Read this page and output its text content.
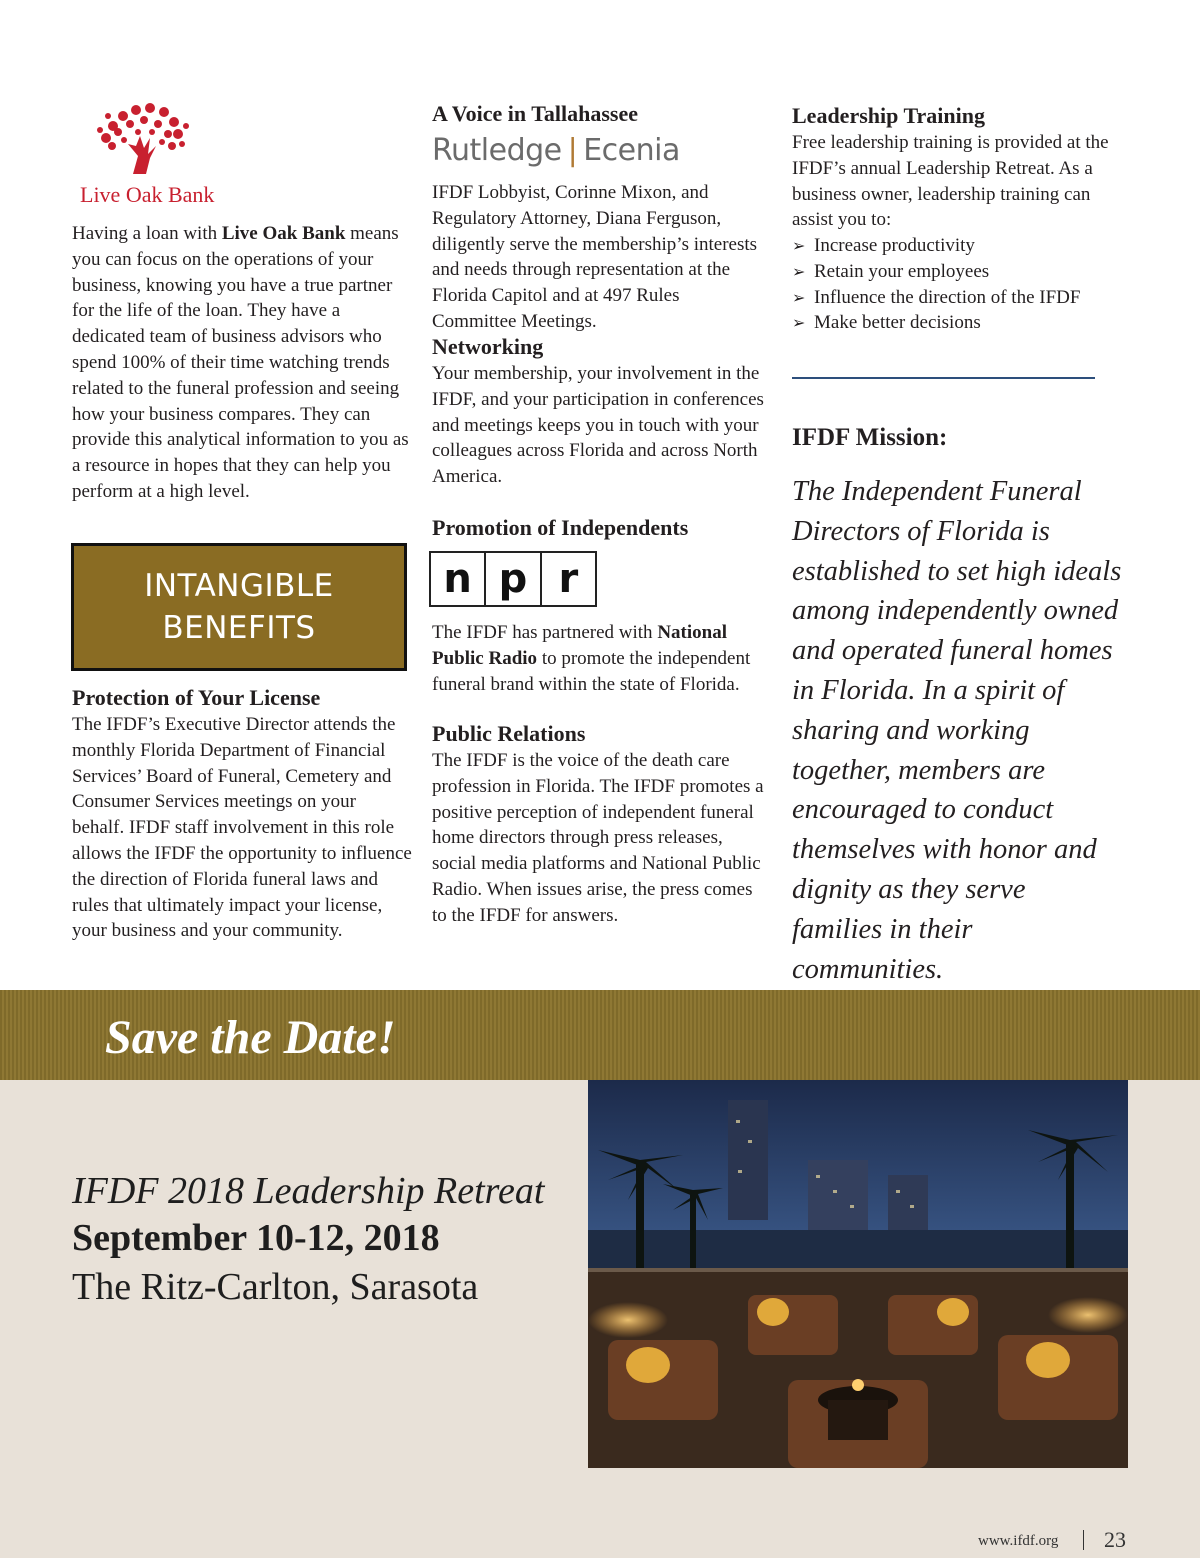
Live Oak Bank

Having a loan with Live Oak Bank means you can focus on the operations of your business, knowing you have a true partner for the life of the loan. They have a dedicated team of business advisors who spend 100% of their time watching trends related to the funeral profession and seeing how your business compares. They can provide this analytical information to you as a resource in hopes that they can help you perform at a high level.

INTANGIBLE
BENEFITS

Protection of Your License

The IFDF’s Executive Director attends the monthly Florida Department of Financial Services’ Board of Funeral, Cemetery and Consumer Services meetings on your behalf. IFDF staff involvement in this role allows the IFDF the opportunity to influence the direction of Florida funeral laws and rules that ultimately impact your license, your business and your community.

A Voice in Tallahassee

Rutledge | Ecenia

IFDF Lobbyist, Corinne Mixon, and Regulatory Attorney, Diana Ferguson, diligently serve the membership’s interests and needs through representation at the Florida Capitol and at 497 Rules Committee Meetings.

Networking

Your membership, your involvement in the IFDF, and your participation in conferences and meetings keeps you in touch with your colleagues across Florida and across North America.

Promotion of Independents

n p r

The IFDF has partnered with National Public Radio to promote the independent funeral brand within the state of Florida.

Public Relations

The IFDF is the voice of the death care profession in Florida. The IFDF promotes a positive perception of independent funeral home directors through press releases, social media platforms and National Public Radio. When issues arise, the press comes to the IFDF for answers.

Leadership Training

Free leadership training is provided at the IFDF’s annual Leadership Retreat. As a business owner, leadership training can assist you to:

➢ Increase productivity
➢ Retain your employees
➢ Influence the direction of the IFDF
➢ Make better decisions
IFDF Mission:

The Independent Funeral Directors of Florida is established to set high ideals among independently owned and operated funeral homes in Florida. In a spirit of sharing and working together, members are encouraged to conduct themselves with honor and dignity as they serve families in their communities.

Save the Date!
IFDF 2018 Leadership Retreat
September 10-12, 2018
The Ritz-Carlton, Sarasota
www.ifdf.org 23
